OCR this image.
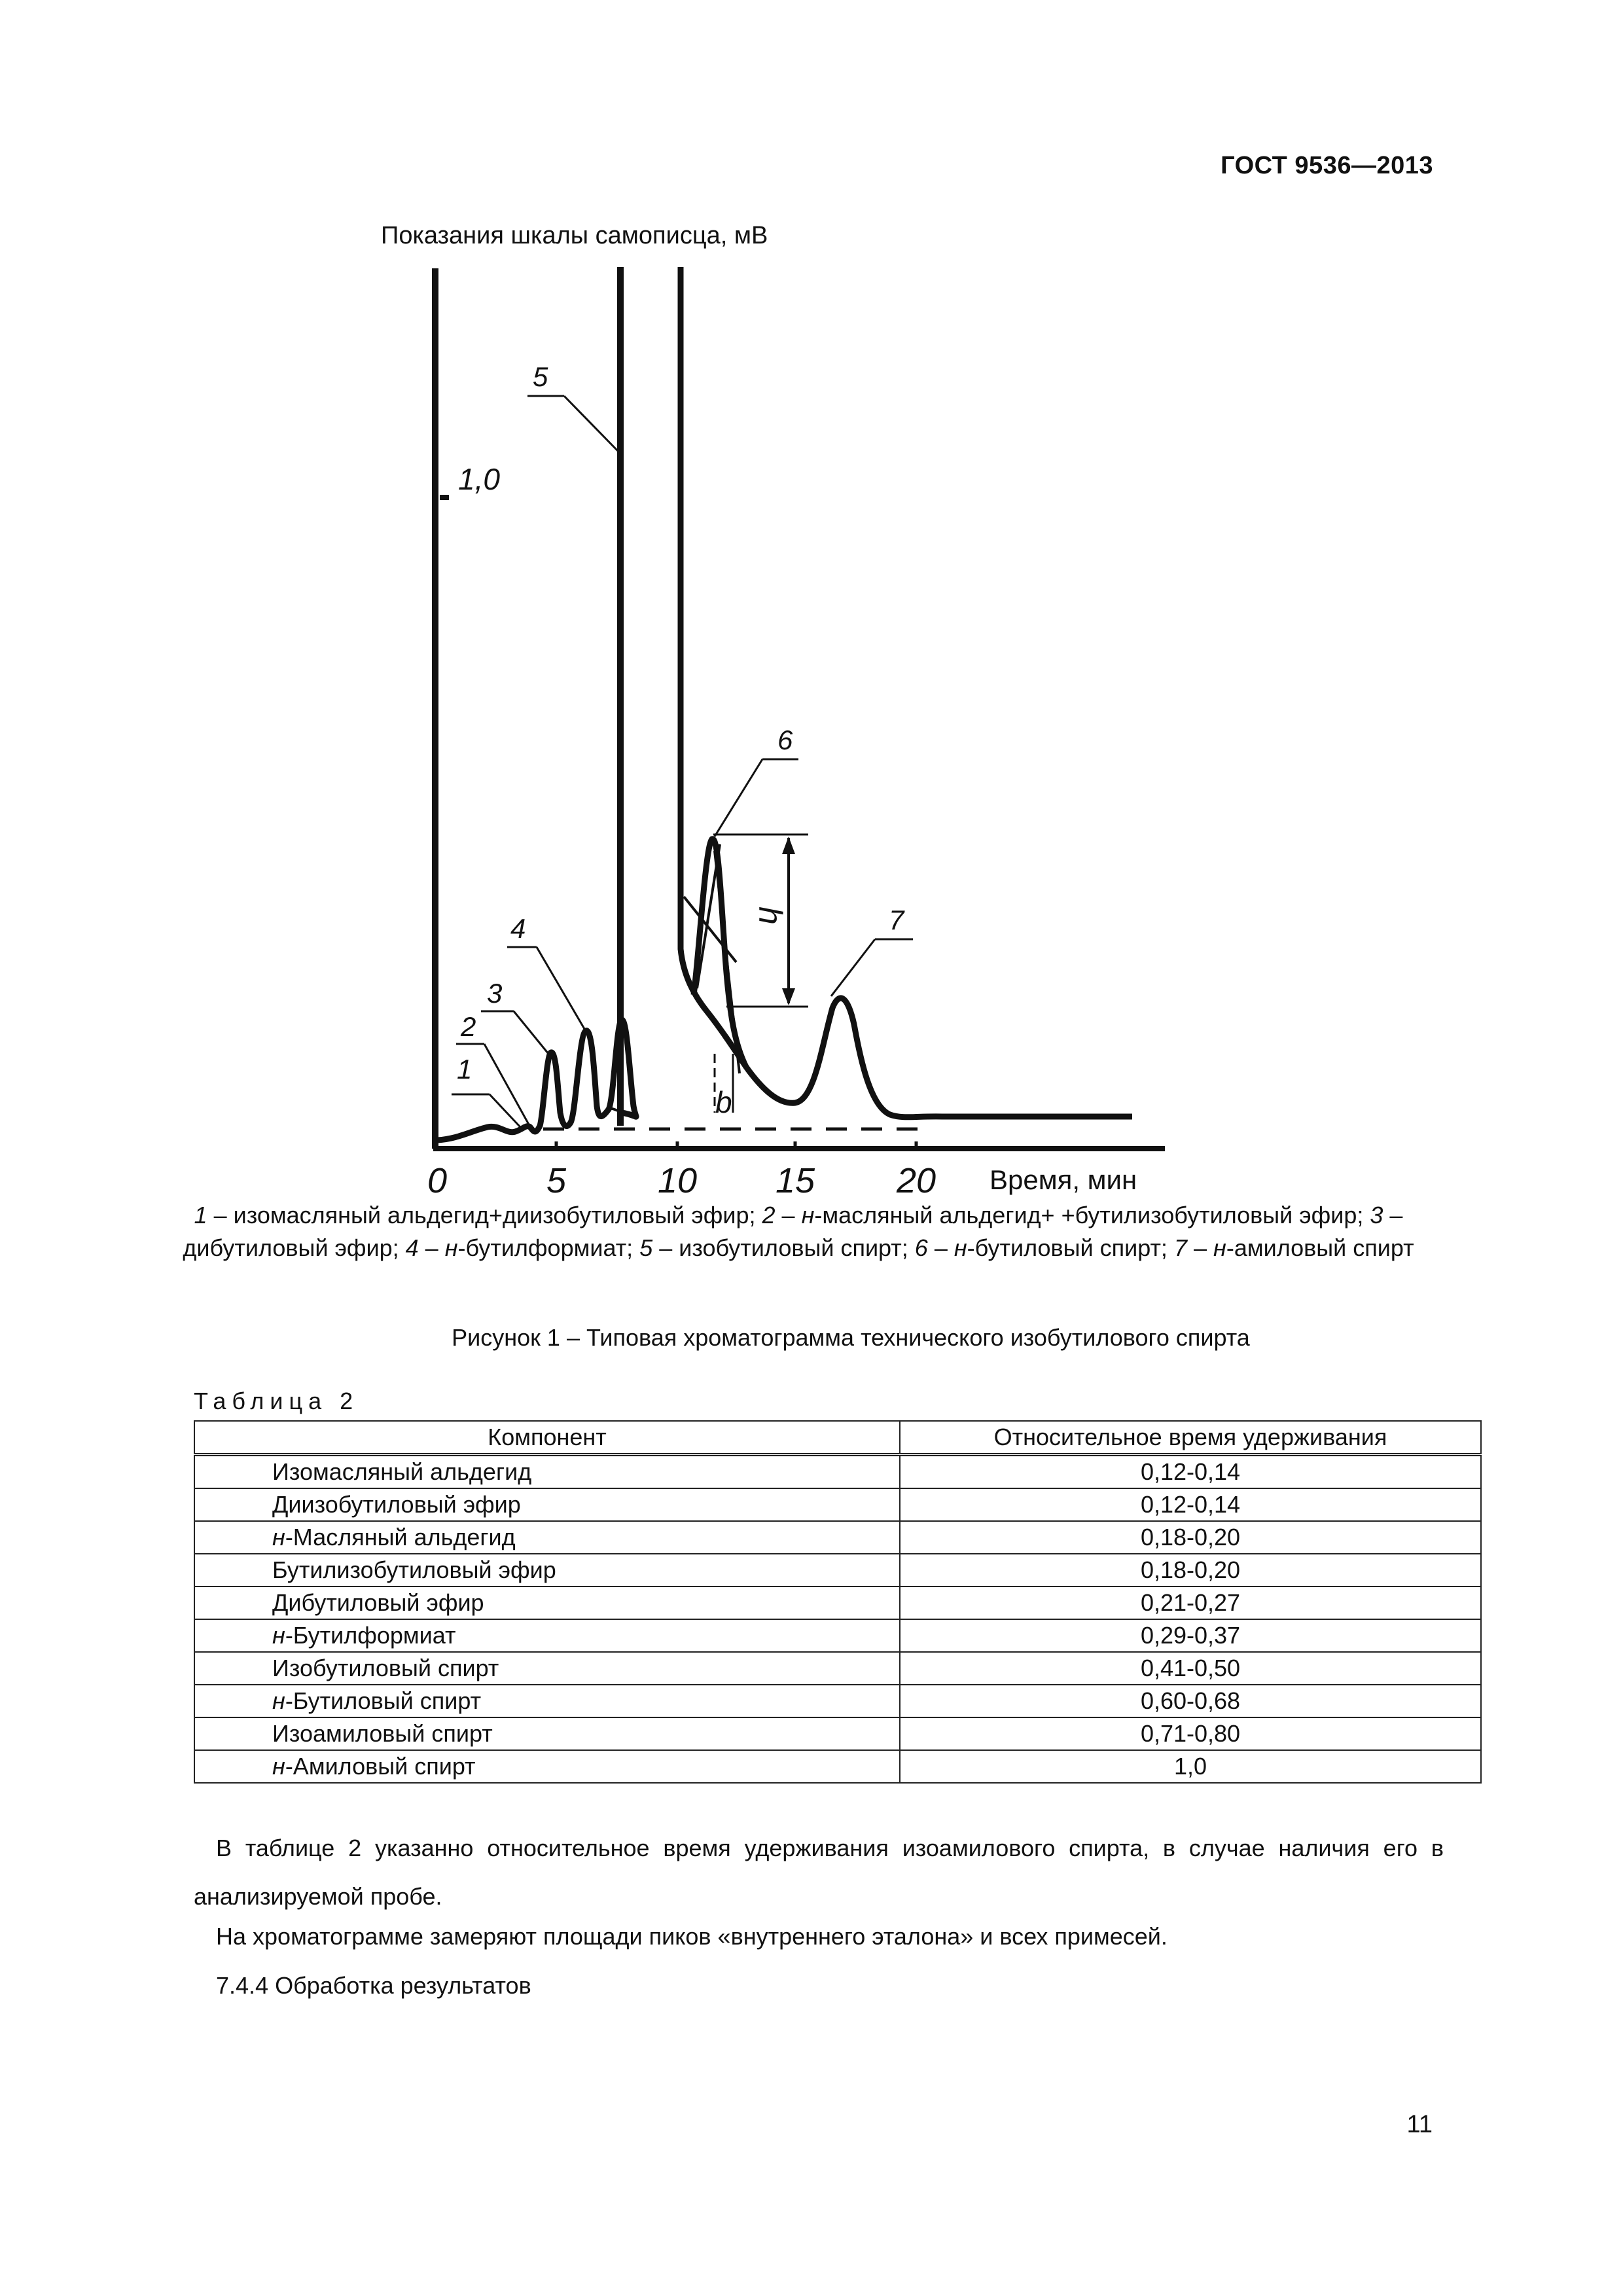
ГОСТ 9536—2013
Показания шкалы самописца, мВ
1,0
0	5	10 15 20 Время, мин
h
b
1
2
3
4
5
6
7
1 – изомасляный альдегид+диизобутиловый эфир; 2 – н-масляный альдегид+ +бутилизобутиловый эфир; 3 – дибутиловый эфир; 4 – н-бутилформиат; 5 – изобутиловый спирт; 6 – н-бутиловый спирт; 7 – н-амиловый спирт
Рисунок 1 – Типовая хроматограмма технического изобутилового спирта
Таблица 2
Компонент	Относительное время удерживания
Изомасляный альдегид	0,12-0,14
Диизобутиловый эфир	0,12-0,14
н-Масляный альдегид	0,18-0,20
Бутилизобутиловый эфир	0,18-0,20
Дибутиловый эфир	0,21-0,27
н-Бутилформиат	0,29-0,37
Изобутиловый спирт	0,41-0,50
н-Бутиловый спирт	0,60-0,68
Изоамиловый спирт	0,71-0,80
н-Амиловый спирт	1,0
В таблице 2 указанно относительное время удерживания изоамилового спирта, в случае наличия его в анализируемой пробе.
На хроматограмме замеряют площади пиков «внутреннего эталона» и всех примесей.
7.4.4 Обработка результатов
11
